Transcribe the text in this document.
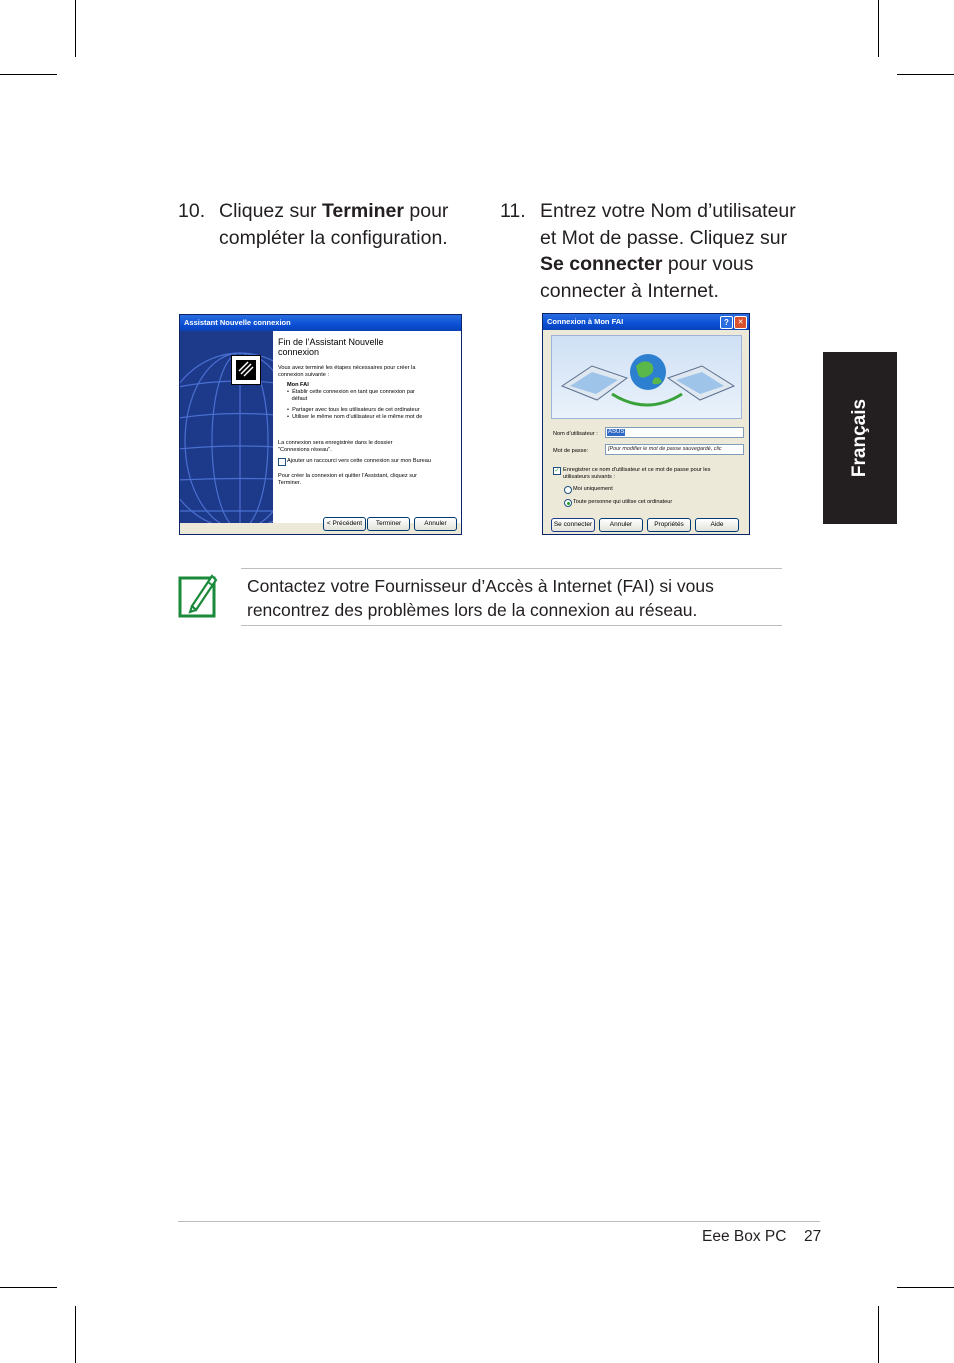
10. Cliquez sur Terminer pour
compléter la configuration.
11. Entrez votre Nom d’utilisateur
et Mot de passe. Cliquez sur
Se connecter pour vous
connecter à Internet.
Français
Assistant Nouvelle connexion
Fin de l’Assistant Nouvelle
connexion
Vous avez terminé les étapes nécessaires pour créer la
connexion suivante :
Mon FAI
•  Établir cette connexion en tant que connexion par
défaut
•  Partager avec tous les utilisateurs de cet ordinateur
•  Utiliser le même nom d’utilisateur et le même mot de
La connexion sera enregistrée dans le dossier
"Connexions réseau".
Ajouter un raccourci vers cette connexion sur mon Bureau
Pour créer la connexion et quitter l’Assistant, cliquez sur
Terminer.
< Précédent	Terminer	Annuler
Connexion à Mon FAI	?	✕
Nom d’utilisateur : ASUS
Mot de passe:	[Pour modifier le mot de passe sauvegardé, clic
✓ Enregistrer ce nom d’utilisateur et ce mot de passe pour les
utilisateurs suivants :
Moi uniquement
Toute personne qui utilise cet ordinateur
Se connecter	Annuler	Propriétés	Aide

Contactez votre Fournisseur d’Accès à Internet (FAI) si vous
rencontrez des problèmes lors de la connexion au réseau.

Eee Box PC 27
